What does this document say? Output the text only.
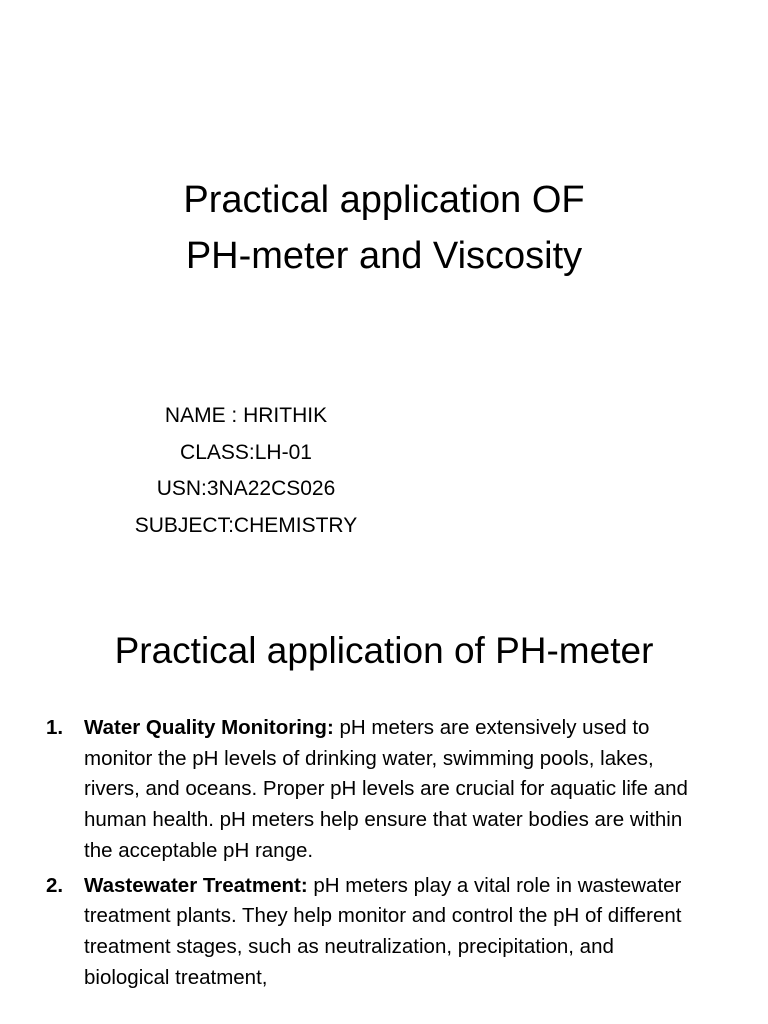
Practical application OF
PH-meter and Viscosity
NAME : HRITHIK
CLASS:LH-01
USN:3NA22CS026
SUBJECT:CHEMISTRY
Practical application of PH-meter
1. Water Quality Monitoring: pH meters are extensively used to monitor the pH levels of drinking water, swimming pools, lakes, rivers, and oceans. Proper pH levels are crucial for aquatic life and human health. pH meters help ensure that water bodies are within the acceptable pH range.
2. Wastewater Treatment: pH meters play a vital role in wastewater treatment plants. They help monitor and control the pH of different treatment stages, such as neutralization, precipitation, and biological treatment,
